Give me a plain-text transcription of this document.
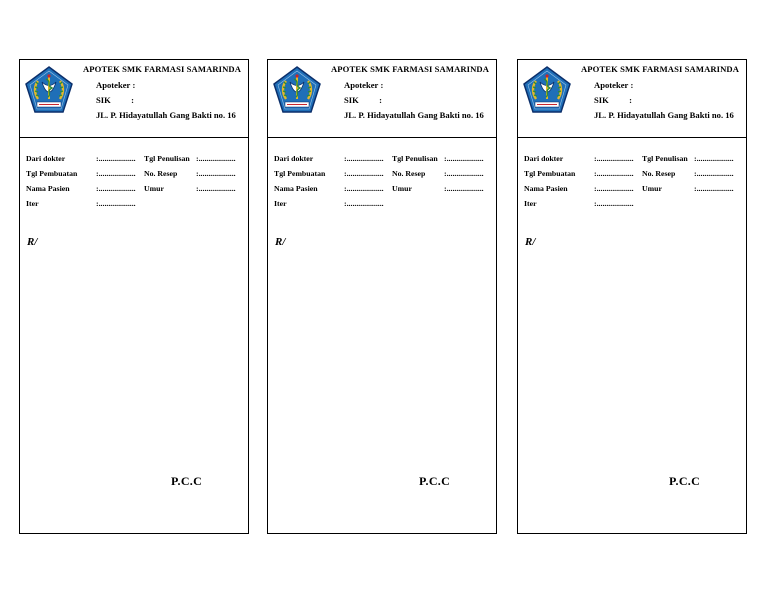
APOTEK SMK FARMASI SAMARINDA
Apoteker :
SIK :
JL. P. Hidayatullah Gang Bakti no. 16
Dari dokter	:................... Tgl Penulisan :...................
Tgl Pembuatan :................... No. Resep :...................
Nama Pasien	:................... Umur	:...................
Iter	:...................
R/
P.C.C
APOTEK SMK FARMASI SAMARINDA
Apoteker :
SIK :
JL. P. Hidayatullah Gang Bakti no. 16
Dari dokter	:................... Tgl Penulisan :...................
Tgl Pembuatan :................... No. Resep :...................
Nama Pasien	:................... Umur	:...................
Iter	:...................
R/
P.C.C
APOTEK SMK FARMASI SAMARINDA
Apoteker :
SIK :
JL. P. Hidayatullah Gang Bakti no. 16
Dari dokter	:................... Tgl Penulisan :...................
Tgl Pembuatan :................... No. Resep :...................
Nama Pasien	:................... Umur	:...................
Iter	:...................
R/
P.C.C
